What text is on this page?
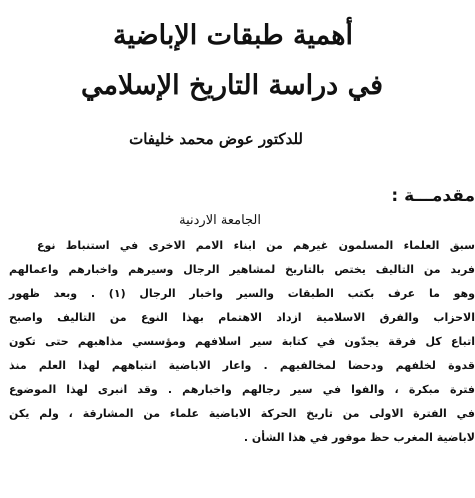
أهمية طبقات الإباضية
في دراسة التاريخ الإسلامي
للدكتور عوض محمد خليفات
مقدمـــة :
الجامعة الاردنية
سبق العلماء المسلمون غيرهم من ابناء الامم الاخرى في استنباط نوع
فريد من التاليف يختص بالتاريخ لمشاهير الرجال وسيرهم واخبارهم واعمالهم
وهو ما عرف بكتب الطبقات والسير واخبار الرجال (١) . وبعد ظهور
الاحزاب والفرق الاسلامية ازداد الاهتمام بهذا النوع من التاليف واصبح
اتباع كل فرقة يجدّون في كتابة سير اسلافهم ومؤسسي مذاهبهم حتى تكون
قدوة لخلفهم ودحضا لمخالفيهم . واعار الاباضية انتباههم لهذا العلم منذ
فترة مبكرة ، والفوا في سير رجالهم واخبارهم . وقد انبرى لهذا الموضوع
في الفترة الاولى من تاريخ الحركة الاباضية علماء من المشارقة ، ولم يكن
لاباضية المغرب حظ موفور في هذا الشأن .
